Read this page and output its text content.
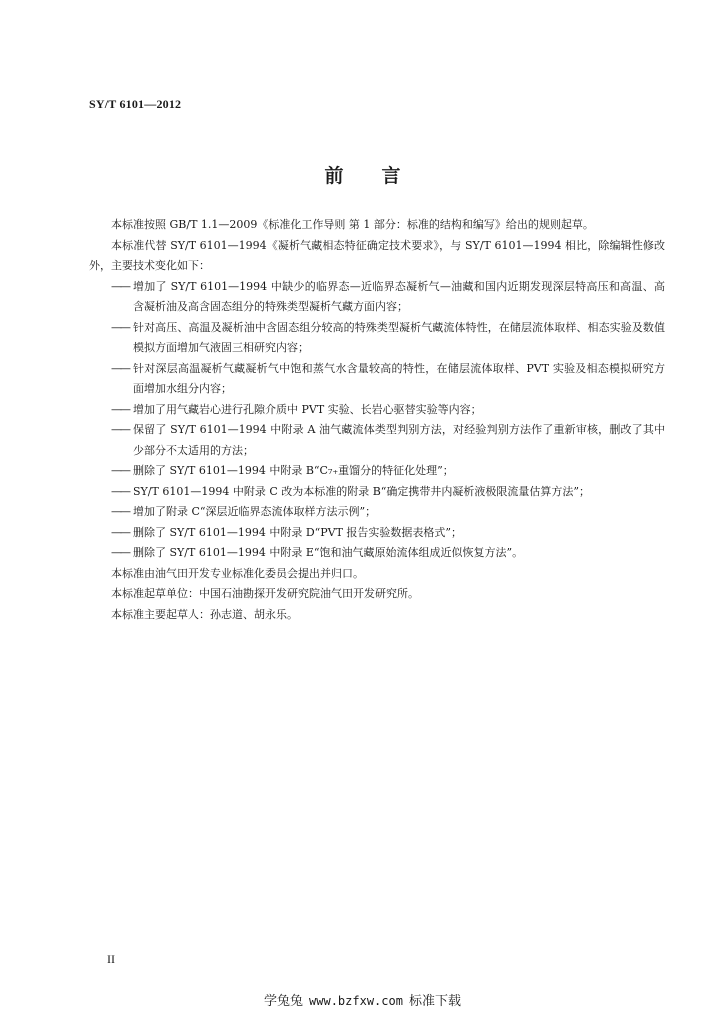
SY/T 6101—2012
前 言

本标准按照 GB/T 1.1—2009《标准化工作导则 第 1 部分：标准的结构和编写》给出的规则起草。

本标准代替 SY/T 6101—1994《凝析气藏相态特征确定技术要求》，与 SY/T 6101—1994 相比，除编辑性修改外，主要技术变化如下：

—— 增加了 SY/T 6101—1994 中缺少的临界态—近临界态凝析气—油藏和国内近期发现深层特高压和高温、高含凝析油及高含固态组分的特殊类型凝析气藏方面内容；
—— 针对高压、高温及凝析油中含固态组分较高的特殊类型凝析气藏流体特性，在储层流体取样、相态实验及数值模拟方面增加气液固三相研究内容；
—— 针对深层高温凝析气藏凝析气中饱和蒸气水含量较高的特性，在储层流体取样、PVT 实验及相态模拟研究方面增加水组分内容；
—— 增加了用气藏岩心进行孔隙介质中 PVT 实验、长岩心驱替实验等内容；
—— 保留了 SY/T 6101—1994 中附录 A 油气藏流体类型判别方法，对经验判别方法作了重新审核，删改了其中少部分不太适用的方法；
—— 删除了 SY/T 6101—1994 中附录 B“C₇₊重馏分的特征化处理”；
—— SY/T 6101—1994 中附录 C 改为本标准的附录 B“确定携带井内凝析液极限流量估算方法”；
—— 增加了附录 C“深层近临界态流体取样方法示例”；
—— 删除了 SY/T 6101—1994 中附录 D“PVT 报告实验数据表格式”；
—— 删除了 SY/T 6101—1994 中附录 E“饱和油气藏原始流体组成近似恢复方法”。

本标准由油气田开发专业标准化委员会提出并归口。

本标准起草单位：中国石油勘探开发研究院油气田开发研究所。

本标准主要起草人：孙志道、胡永乐。

II
学兔兔 www.bzfxw.com 标准下载
